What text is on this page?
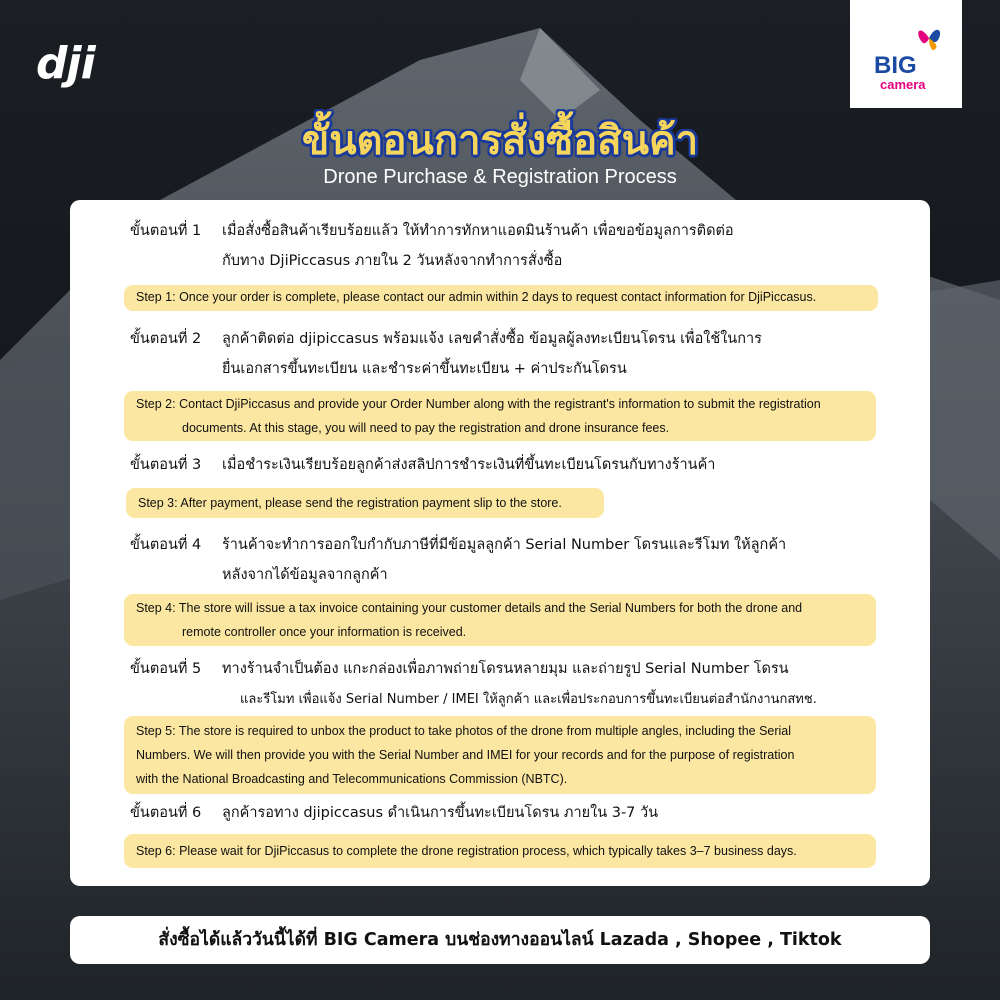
dji	BIG
camera
ขั้นตอนการสั่งซื้อสินค้า
Drone Purchase & Registration Process
ขั้นตอนที่ 1 เมื่อสั่งซื้อสินค้าเรียบร้อยแล้ว ให้ทำการทักหาแอดมินร้านค้า เพื่อขอข้อมูลการติดต่อ
กับทาง DjiPiccasus ภายใน 2 วันหลังจากทำการสั่งซื้อ
Step 1: Once your order is complete, please contact our admin within 2 days to request contact information for DjiPiccasus.
ขั้นตอนที่ 2 ลูกค้าติดต่อ djipiccasus พร้อมแจ้ง เลขคำสั่งซื้อ ข้อมูลผู้ลงทะเบียนโดรน เพื่อใช้ในการ
ยื่นเอกสารขึ้นทะเบียน และชำระค่าขึ้นทะเบียน + ค่าประกันโดรน
Step 2: Contact DjiPiccasus and provide your Order Number along with the registrant's information to submit the registration
documents. At this stage, you will need to pay the registration and drone insurance fees.
ขั้นตอนที่ 3 เมื่อชำระเงินเรียบร้อยลูกค้าส่งสลิปการชำระเงินที่ขึ้นทะเบียนโดรนกับทางร้านค้า
Step 3: After payment, please send the registration payment slip to the store.
ขั้นตอนที่ 4 ร้านค้าจะทำการออกใบกำกับภาษีที่มีข้อมูลลูกค้า Serial Number โดรนและรีโมท ให้ลูกค้า
หลังจากได้ข้อมูลจากลูกค้า
Step 4: The store will issue a tax invoice containing your customer details and the Serial Numbers for both the drone and
remote controller once your information is received.
ขั้นตอนที่ 5 ทางร้านจำเป็นต้อง แกะกล่องเพื่อภาพถ่ายโดรนหลายมุม และถ่ายรูป Serial Number โดรน
และรีโมท เพื่อแจ้ง Serial Number / IMEI ให้ลูกค้า และเพื่อประกอบการขึ้นทะเบียนต่อสำนักงานกสทช.
Step 5: The store is required to unbox the product to take photos of the drone from multiple angles, including the Serial
Numbers. We will then provide you with the Serial Number and IMEI for your records and for the purpose of registration
with the National Broadcasting and Telecommunications Commission (NBTC).
ขั้นตอนที่ 6 ลูกค้ารอทาง djipiccasus ดำเนินการขึ้นทะเบียนโดรน ภายใน 3-7 วัน
Step 6: Please wait for DjiPiccasus to complete the drone registration process, which typically takes 3–7 business days.
สั่งซื้อได้แล้ววันนี้ได้ที่ BIG Camera บนช่องทางออนไลน์ Lazada , Shopee , Tiktok
